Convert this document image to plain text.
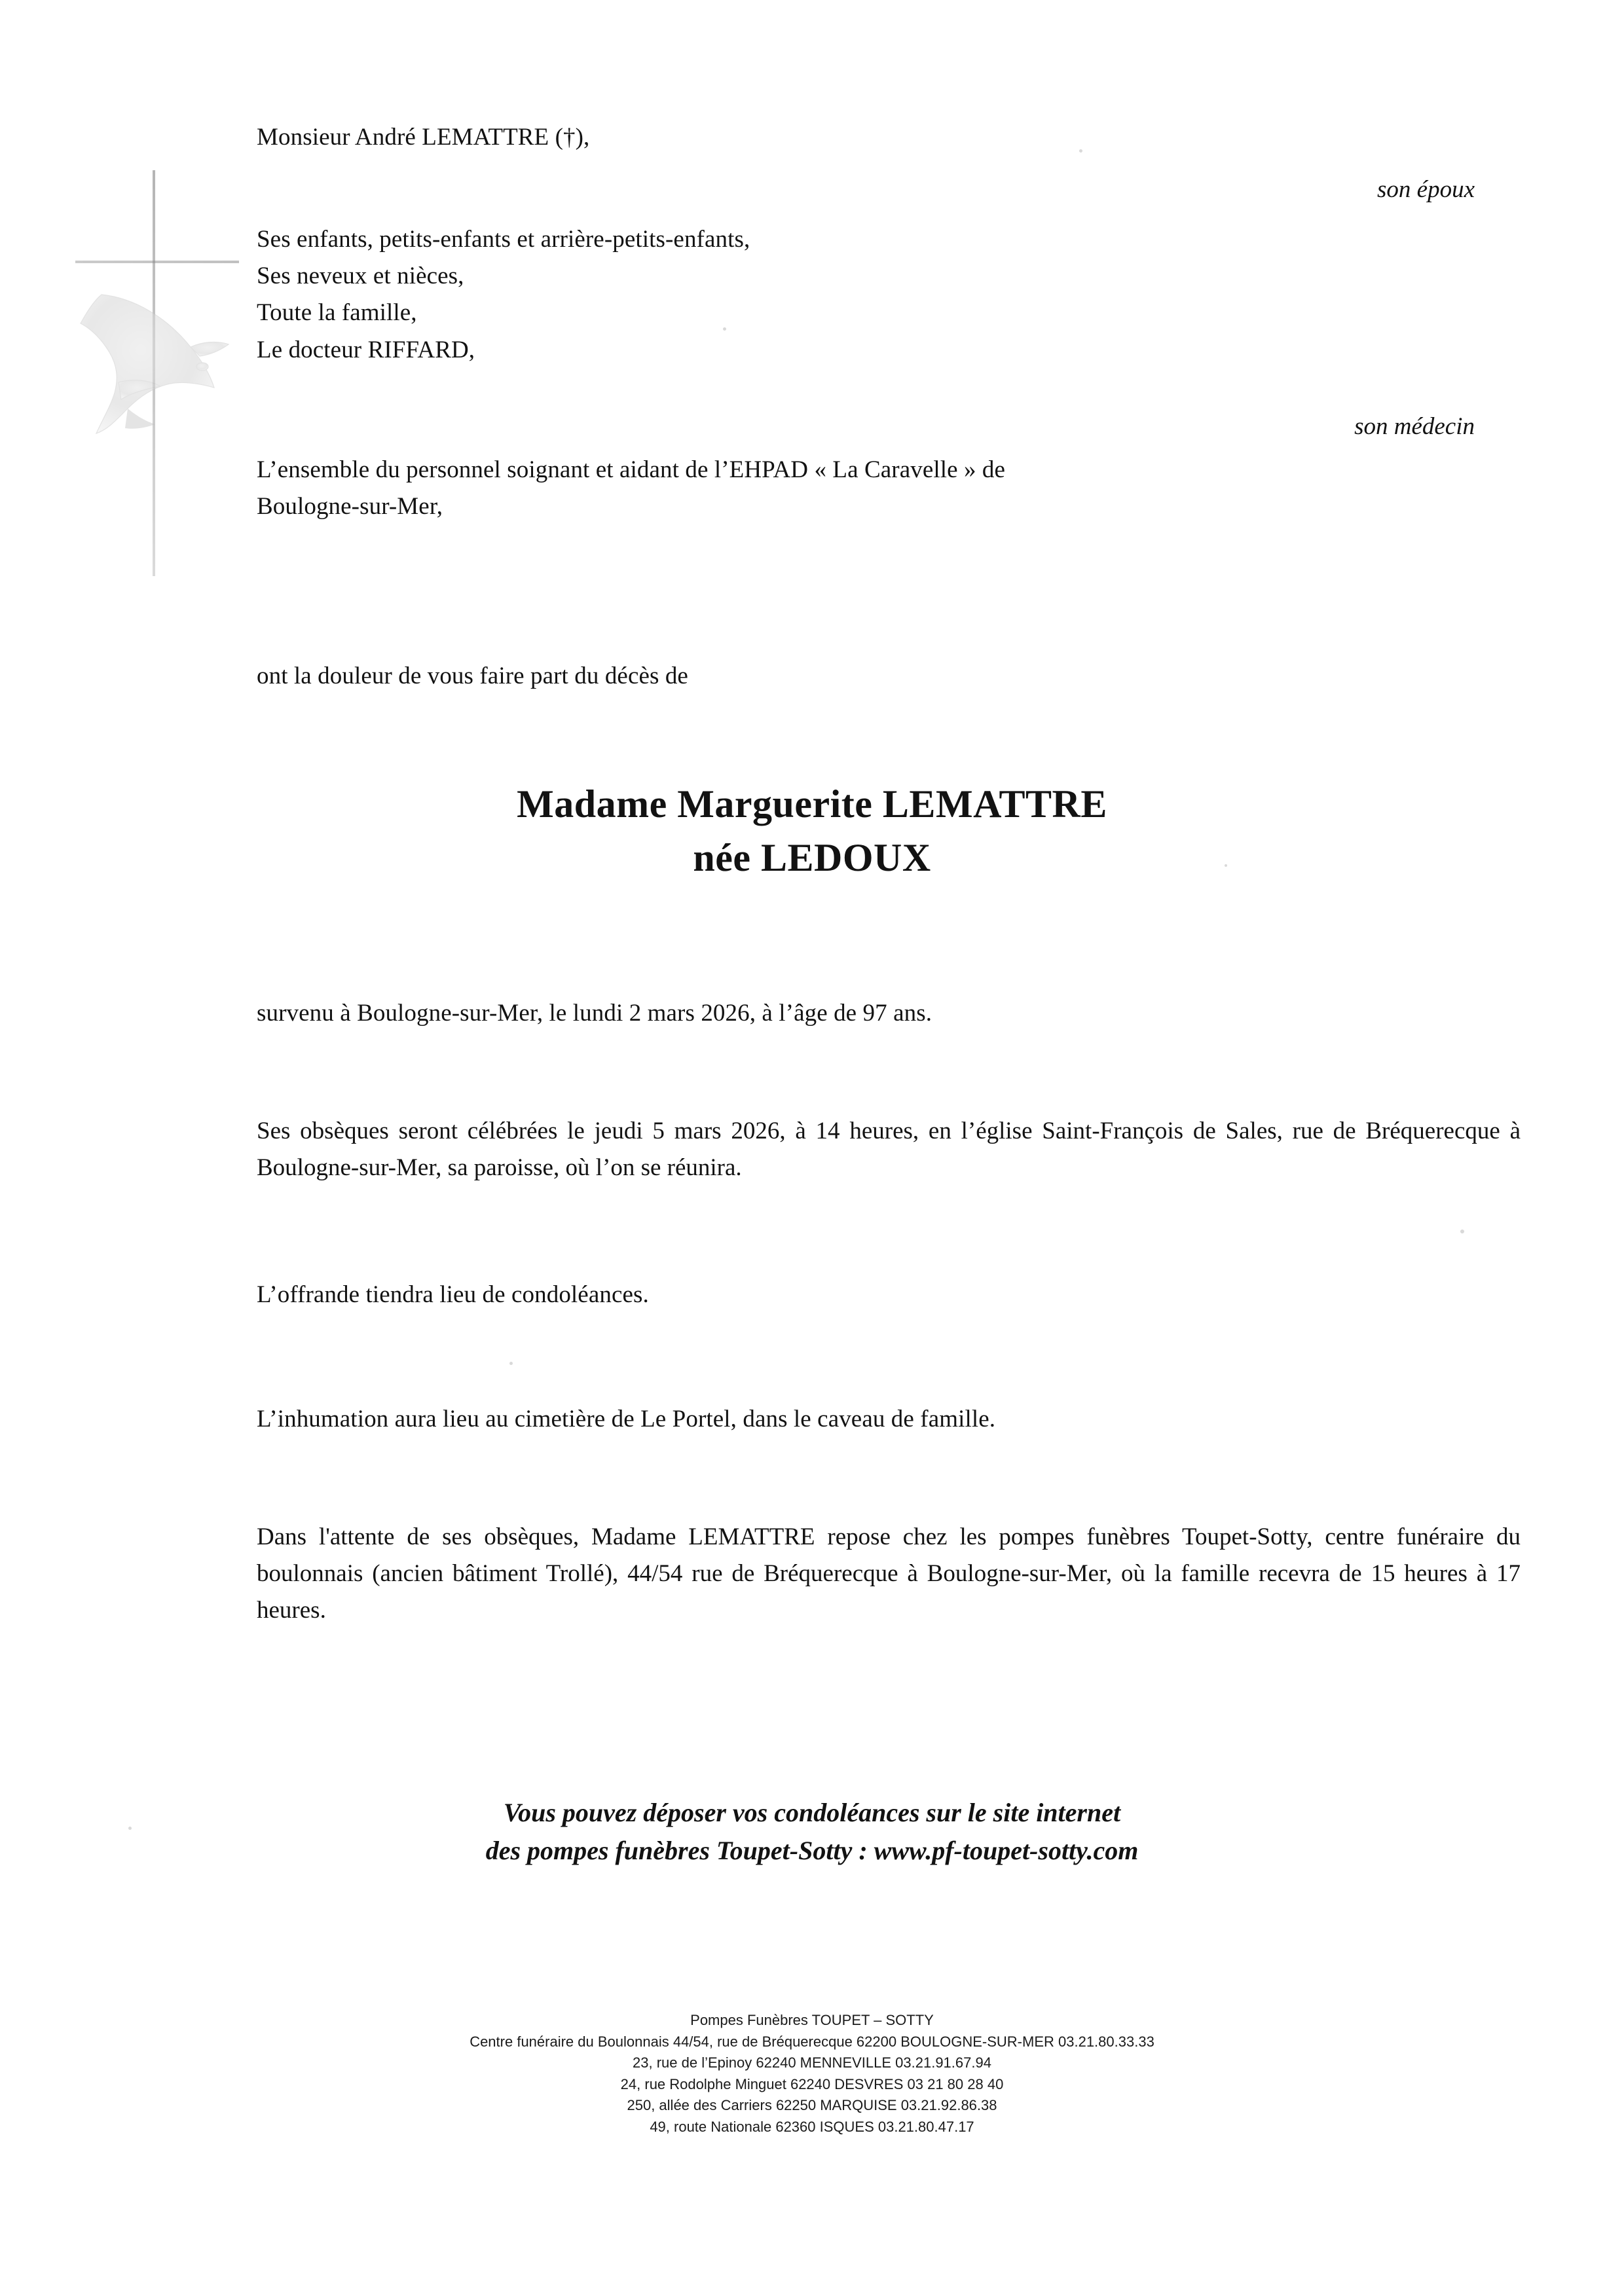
Monsieur André LEMATTRE (†),
son époux
Ses enfants, petits-enfants et arrière-petits-enfants,
Ses neveux et nièces,
Toute la famille,
Le docteur RIFFARD,
son médecin
L’ensemble du personnel soignant et aidant de l’EHPAD « La Caravelle » de
Boulogne-sur-Mer,
ont la douleur de vous faire part du décès de
Madame Marguerite LEMATTRE
née LEDOUX
survenu à Boulogne-sur-Mer, le lundi 2 mars 2026, à l’âge de 97 ans.
Ses obsèques seront célébrées le jeudi 5 mars 2026, à 14 heures, en l’église Saint-François de Sales, rue de Bréquerecque à Boulogne-sur-Mer, sa paroisse, où l’on se réunira.
L’offrande tiendra lieu de condoléances.
L’inhumation aura lieu au cimetière de Le Portel, dans le caveau de famille.
Dans l'attente de ses obsèques, Madame LEMATTRE repose chez les pompes funèbres Toupet-Sotty, centre funéraire du boulonnais (ancien bâtiment Trollé), 44/54 rue de Bréquerecque à Boulogne-sur-Mer, où la famille recevra de 15 heures à 17 heures.
Vous pouvez déposer vos condoléances sur le site internet
des pompes funèbres Toupet-Sotty : www.pf-toupet-sotty.com
Pompes Funèbres TOUPET – SOTTY
Centre funéraire du Boulonnais 44/54, rue de Bréquerecque 62200 BOULOGNE-SUR-MER 03.21.80.33.33
23, rue de l’Epinoy 62240 MENNEVILLE 03.21.91.67.94
24, rue Rodolphe Minguet 62240 DESVRES 03 21 80 28 40
250, allée des Carriers 62250 MARQUISE 03.21.92.86.38
49, route Nationale 62360 ISQUES 03.21.80.47.17
